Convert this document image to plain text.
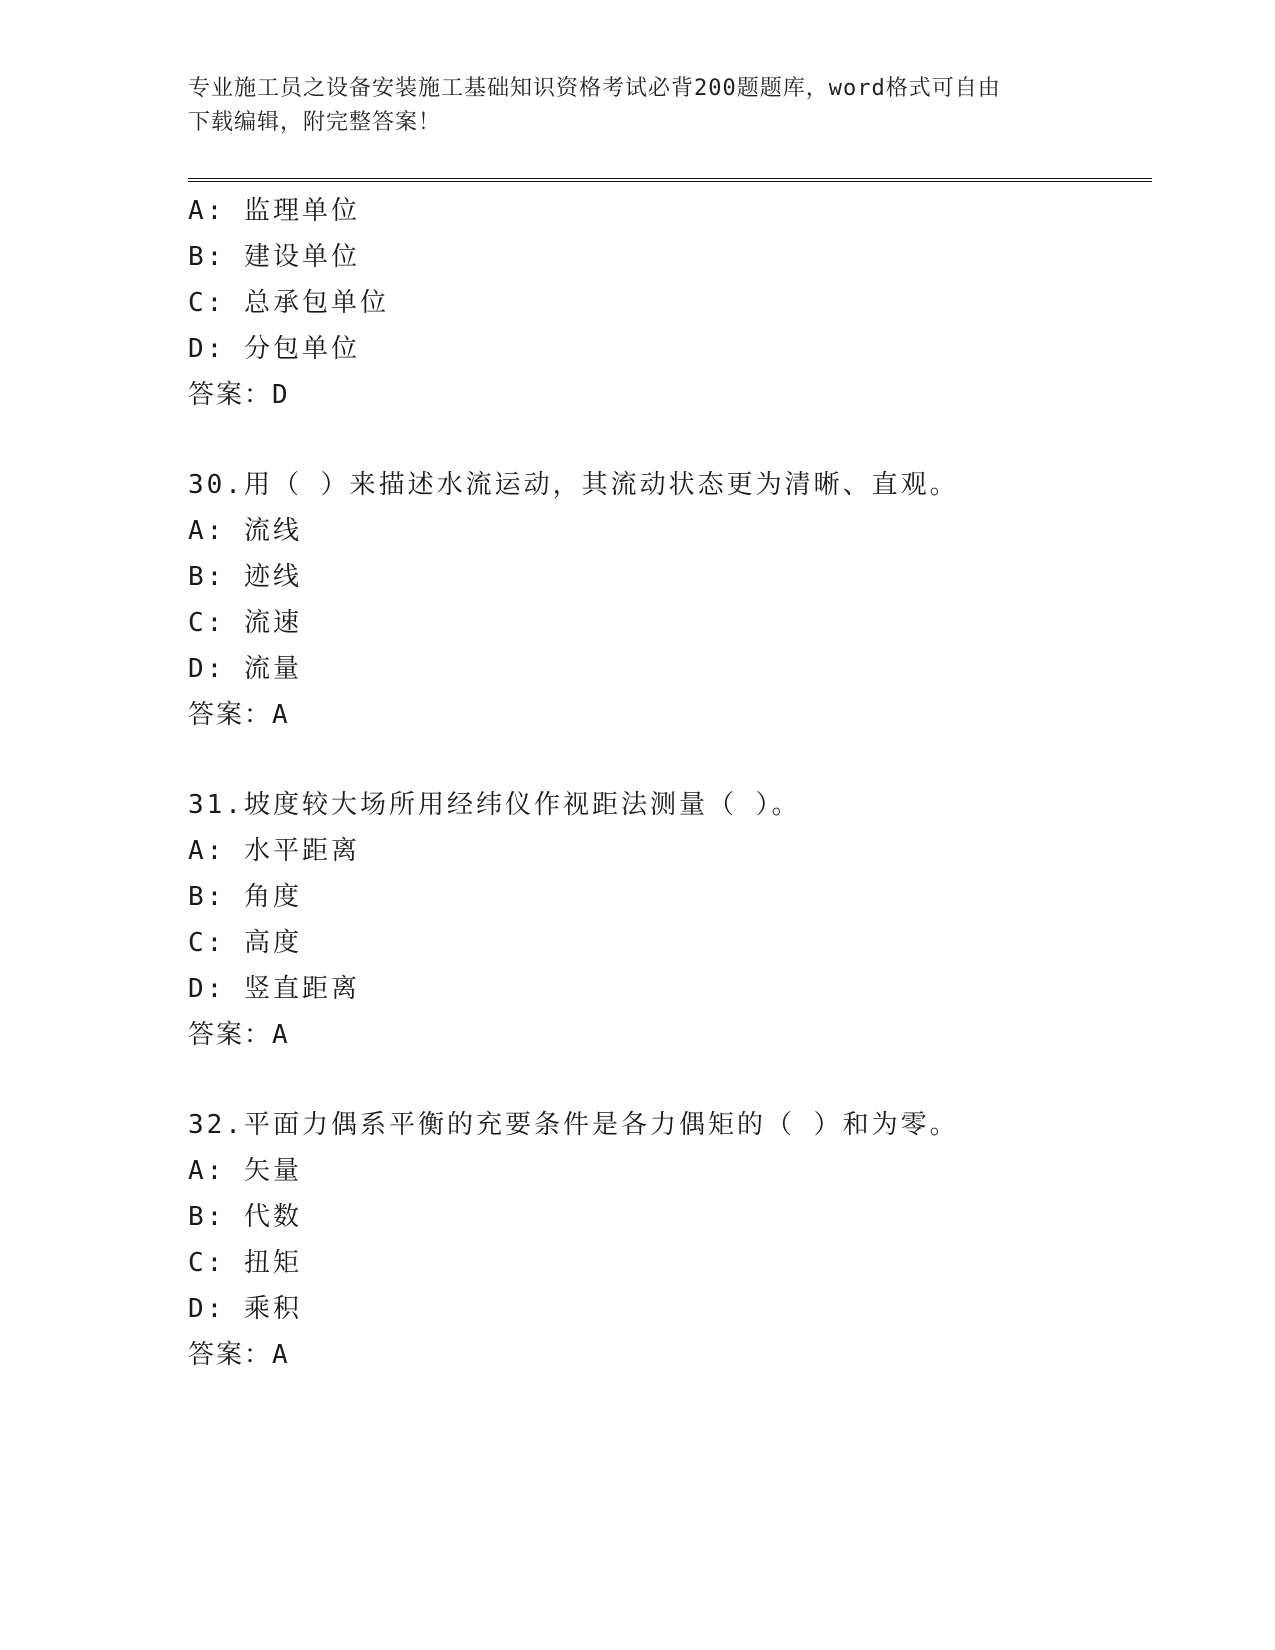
专业施工员之设备安装施工基础知识资格考试必背200题题库，word格式可自由
下载编辑，附完整答案！
A: 监理单位
B: 建设单位
C: 总承包单位
D: 分包单位
答案：D
30.用（ ）来描述水流运动，其流动状态更为清晰、直观。
A: 流线
B: 迹线
C: 流速
D: 流量
答案：A
31.坡度较大场所用经纬仪作视距法测量（ ）。
A: 水平距离
B: 角度
C: 高度
D: 竖直距离
答案：A
32.平面力偶系平衡的充要条件是各力偶矩的（ ）和为零。
A: 矢量
B: 代数
C: 扭矩
D: 乘积
答案：A
